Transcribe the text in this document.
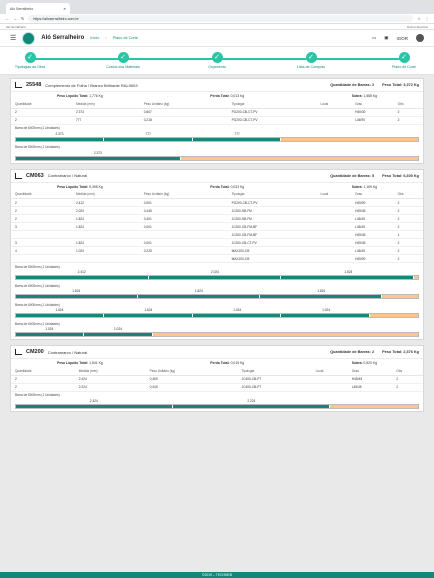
Aló Serralheiro	✕
← → ↻	https://alloserralheiro.com.br	☆ ⋮
Aló Serralheiro	Outros favoritos
☰	Aló Serralheiro Início › Plano de Corte	▭ ▣ IGOR
✓
Tipologias da Obra
✓
Custos dos Materiais
✓
Orçamento
✓
Lista de Compras
✓
Plano de Corte
25548 Complemento de Folha / Branco Brilhante RAL9003	Quantidade de Barras: 2 Peso Total: 3,372 Kg
Peso Líquido Total: 1,776 Kg	Perda Total: 0,013 Kg	Sobra: 1,588 Kg
Quantidade	Medida (mm)	Peso Unitário (kg)	Tipologia	Local	Grau	Obs
2	2.373	0,667	PG200-CB-CT-PV		H45/30	2
2	777	0,218	PG200-CB-CT-PV		L45/90	2
Barra de 6000mm (1 Unidades)
2.373	777	777
Barra de 6000mm (1 Unidades)
2.373
CM063 Contramarco / Natural	Quantidade de Barras: 5 Peso Total: 6,600 Kg
Peso Líquido Total: 5,398 Kg	Perda Total: 0,033 Kg	Sobra: 1,169 Kg
Quantidade	Medida (mm)	Peso Unitário (kg)	Tipologia	Local	Grau	Obs
2	2.412	0,501	PG200-CB-CT-PV		H45/90	2
2	2.024	0,445	JC200-SB-FM		H45/45	2
2	1.824	0,401	JC200-SB-FM		L45/45	2
3	1.824	0,001	JC200-CB-FM-BF		L45/45	2
			JC200-CB-FM-BF		H45/45	1
3	1.824	0,001	JC200-CB-CT-PV		H45/45	2
4	1.024	0,225	MAX100-CB		L45/45	2
			MAX100-CB		H45/90	2
Barra de 6000mm (1 Unidades)
2.412	2.024	1.524
Barra de 6000mm (1 Unidades)
1.824	1.824	1.824
Barra de 6000mm (1 Unidades)
1.624	1.624	1.024	1.024
Barra de 6000mm (1 Unidades)
1.024	1.024
CM200 Contramarco / Natural	Quantidade de Barras: 2 Peso Total: 2,376 Kg
Peso Líquido Total: 1,841 Kg	Perda Total: 0,015 Kg	Sobra: 0,520 Kg
Quantidade	Medida (mm)	Peso Unitário (kg)	Tipologia	Local	Grau	Obs
2	2.424	0,460	JC400-CB-PT		H45/45	2
2	2.224	0,440	JC400-CB-PT		L45/45	2
Barra de 6000mm (1 Unidades)
2.424	2.224
©2019 – TECHNEB
